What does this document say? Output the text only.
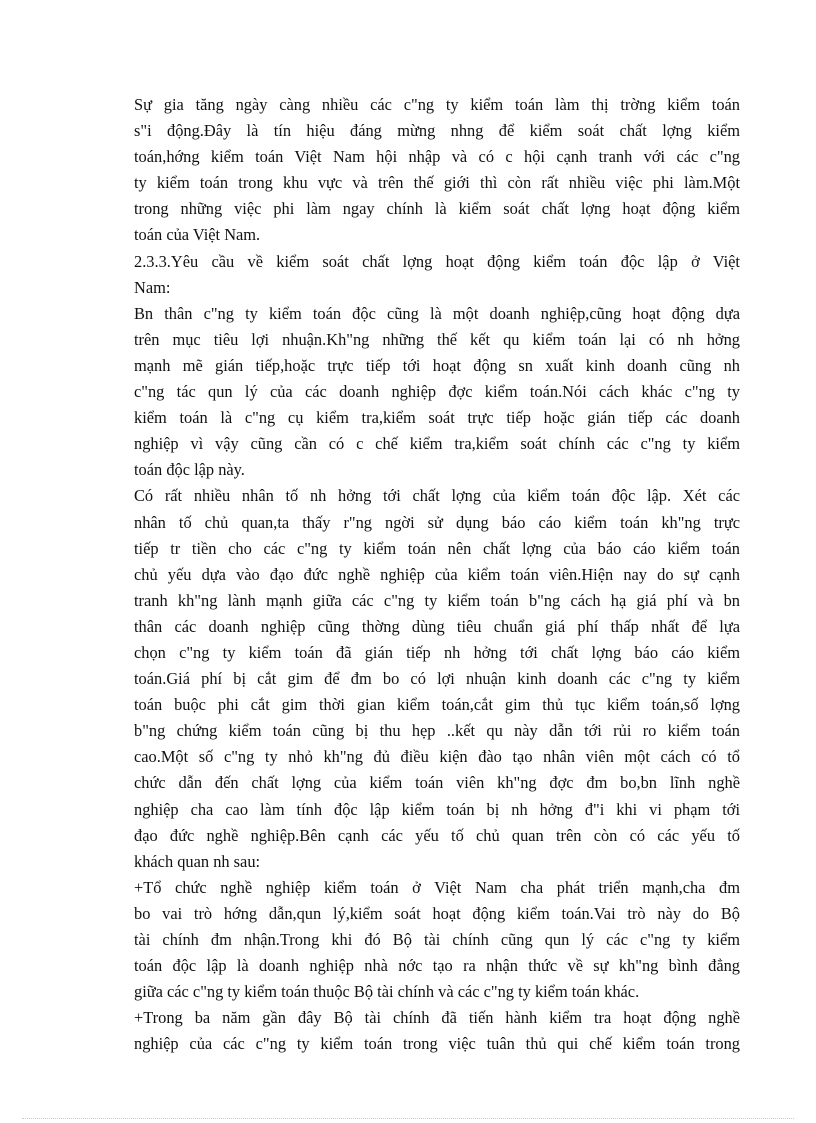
Sự gia tăng ngày càng nhiều các c"ng ty kiểm toán làm thị trờng kiểm toán
s"i động.Đây là tín hiệu đáng mừng nhng để kiểm soát chất lợng kiểm
toán,hớng kiểm toán Việt Nam hội nhập và có c hội cạnh tranh với các c"ng
ty kiểm toán trong khu vực và trên thế giới thì còn rất nhiều việc phi làm.Một
trong những việc phi làm ngay chính là kiểm soát chất lợng hoạt động kiểm
toán của Việt Nam.
2.3.3.Yêu cầu về kiểm soát chất lợng hoạt động kiểm toán độc lập ở Việt
Nam:
Bn thân c"ng ty kiểm toán độc cũng là một doanh nghiệp,cũng hoạt động dựa
trên mục tiêu lợi nhuận.Kh"ng những thế kết qu kiểm toán lại có nh hởng
mạnh mẽ gián tiếp,hoặc trực tiếp tới hoạt động sn xuất kinh doanh cũng nh
c"ng tác qun lý của các doanh nghiệp đợc kiểm toán.Nói cách khác c"ng ty
kiểm toán là c"ng cụ kiểm tra,kiểm soát trực tiếp hoặc gián tiếp các doanh
nghiệp vì vậy cũng cần có c chế kiểm tra,kiểm soát chính các c"ng ty kiểm
toán độc lập này.
Có rất nhiều nhân tố nh hởng tới chất lợng của kiểm toán độc lập. Xét các
nhân tố chủ quan,ta thấy r"ng ngời sử dụng báo cáo kiểm toán kh"ng trực
tiếp tr tiền cho các c"ng ty kiểm toán nên chất lợng của báo cáo kiểm toán
chủ yếu dựa vào đạo đức nghề nghiệp của kiểm toán viên.Hiện nay do sự cạnh
tranh kh"ng lành mạnh giữa các c"ng ty kiểm toán b"ng cách hạ giá phí và bn
thân các doanh nghiệp cũng thờng dùng tiêu chuẩn giá phí thấp nhất để lựa
chọn c"ng ty kiểm toán đã gián tiếp nh hởng tới chất lợng báo cáo kiểm
toán.Giá phí bị cắt gim để đm bo có lợi nhuận kinh doanh các c"ng ty kiểm
toán buộc phi cắt gim thời gian kiểm toán,cắt gim thủ tục kiểm toán,số lợng
b"ng chứng kiểm toán cũng bị thu hẹp ..kết qu này dẫn tới rủi ro kiểm toán
cao.Một số c"ng ty nhỏ kh"ng đủ điều kiện đào tạo nhân viên một cách có tổ
chức dẫn đến chất lợng của kiểm toán viên kh"ng đợc đm bo,bn lĩnh nghề
nghiệp cha cao làm tính độc lập kiểm toán bị nh hởng đ"i khi vi phạm tới
đạo đức nghề nghiệp.Bên cạnh các yếu tố chủ quan trên còn có các yếu tố
khách quan nh sau:
+Tổ chức nghề nghiệp kiểm toán ở Việt Nam cha phát triển mạnh,cha đm
bo vai trò hớng dẫn,qun lý,kiểm soát hoạt động kiểm toán.Vai trò này do Bộ
tài chính đm nhận.Trong khi đó Bộ tài chính cũng qun lý các c"ng ty kiểm
toán độc lập là doanh nghiệp nhà nớc tạo ra nhận thức về sự kh"ng bình đẳng
giữa các c"ng ty kiểm toán thuộc Bộ tài chính và các c"ng ty kiểm toán khác.
+Trong ba năm gần đây Bộ tài chính đã tiến hành kiểm tra hoạt động nghề
nghiệp của các c"ng ty kiểm toán trong việc tuân thủ qui chế kiểm toán trong
